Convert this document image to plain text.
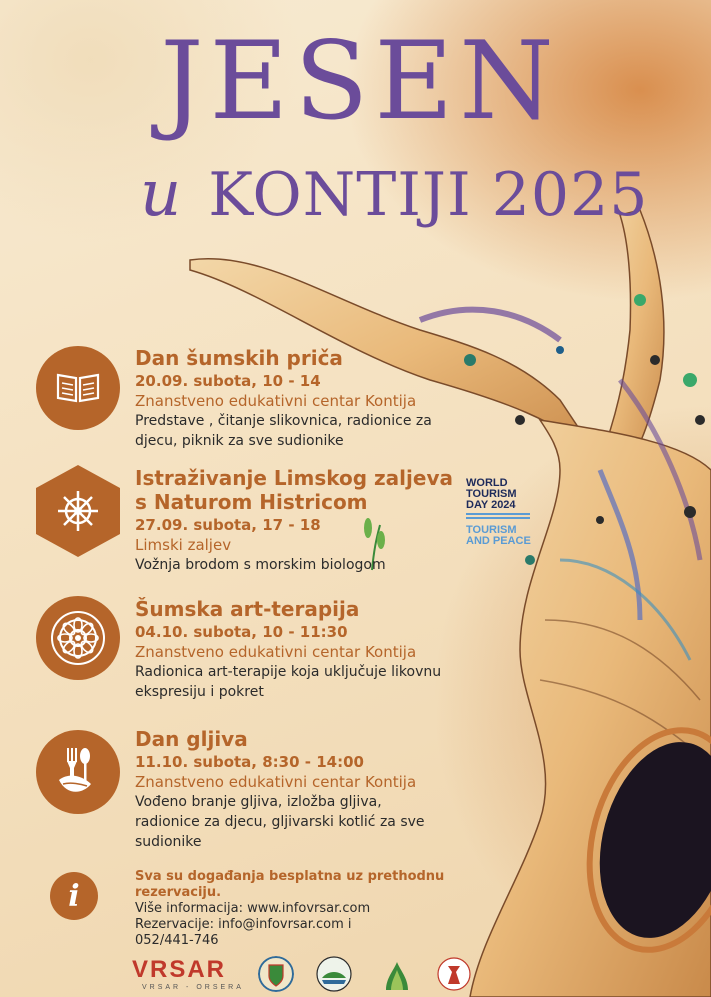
JESEN
u KONTIJI 2025
Dan šumskih priča
20.09. subota, 10 - 14
Znanstveno edukativni centar Kontija
Predstave , čitanje slikovnica, radionice za
djecu, piknik za sve sudionike
Istraživanje Limskog zaljeva
s Naturom Histricom
27.09. subota, 17 - 18
Limski zaljev
Vožnja brodom s morskim biologom
Šumska art-terapija
04.10. subota, 10 - 11:30
Znanstveno edukativni centar Kontija
Radionica art-terapije koja uključuje likovnu
ekspresiju i pokret
Dan gljiva
11.10. subota, 8:30 - 14:00
Znanstveno edukativni centar Kontija
Vođeno branje gljiva, izložba gljiva,
radionice za djecu, gljivarski kotlić za sve
sudionike
i
Sva su događanja besplatna uz prethodnu
rezervaciju.
Više informacija: www.infovrsar.com
Rezervacije: info@infovrsar.com i
052/441-746
WORLD
TOURISM
DAY 2024
TOURISM
AND PEACE
VRSAR
VRSAR - ORSERA
